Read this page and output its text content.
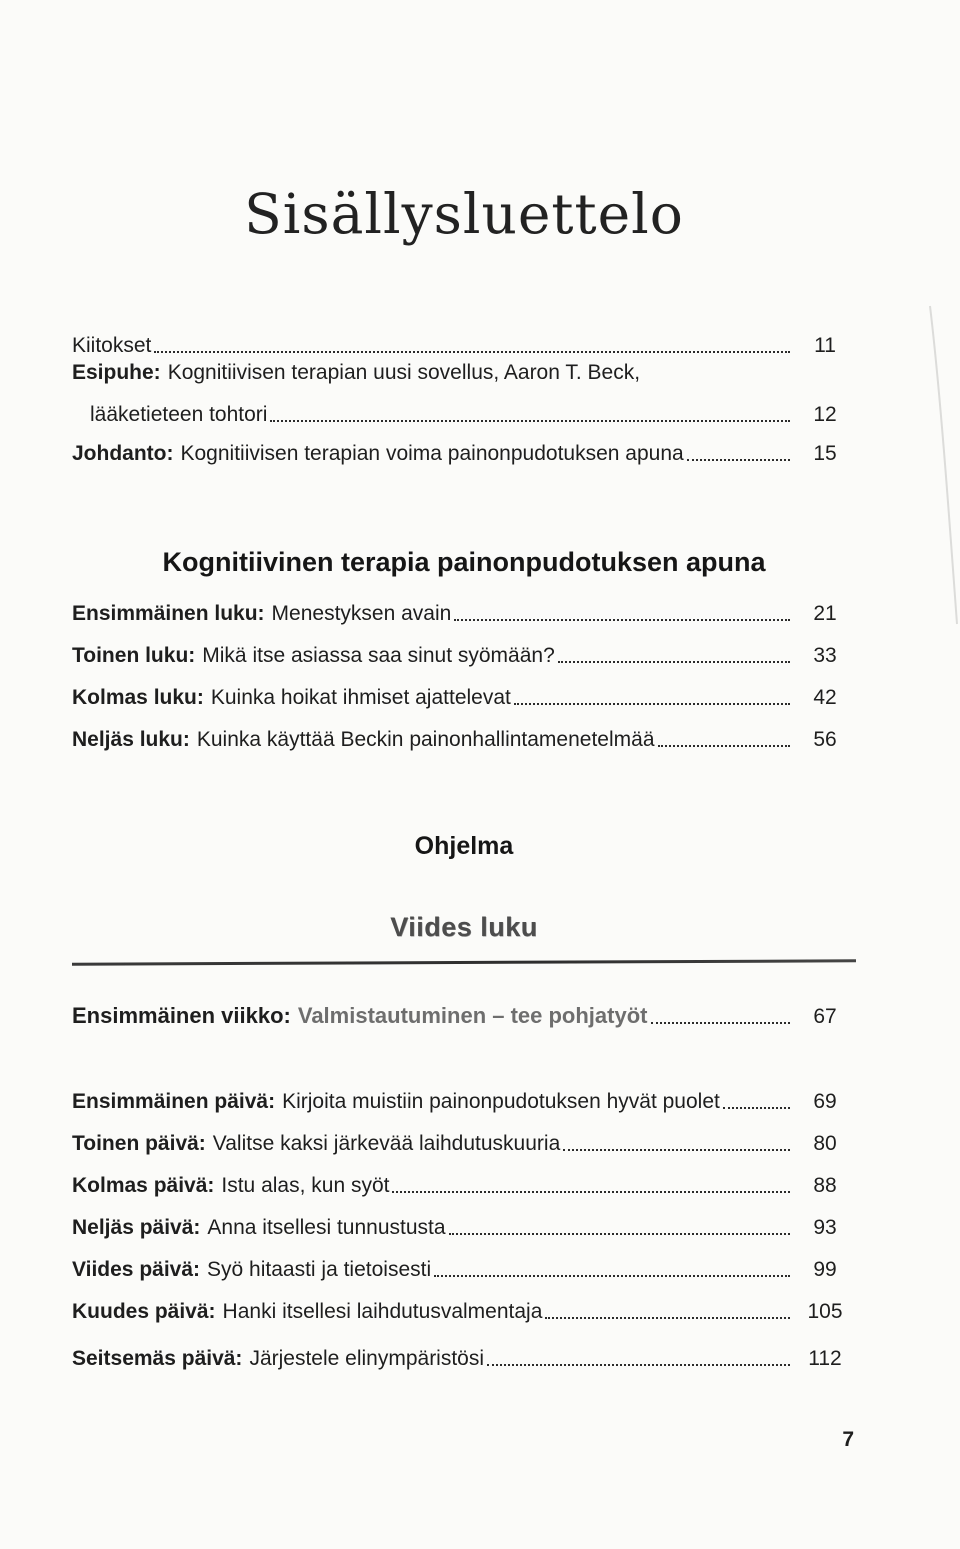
Sisällysluettelo
Kiitokset	11
Esipuhe: Kognitiivisen terapian uusi sovellus, Aaron T. Beck,
lääketieteen tohtori	12
Johdanto: Kognitiivisen terapian voima painonpudotuksen apuna	15
Kognitiivinen terapia painonpudotuksen apuna
Ensimmäinen luku: Menestyksen avain	21
Toinen luku: Mikä itse asiassa saa sinut syömään?	33
Kolmas luku: Kuinka hoikat ihmiset ajattelevat	42
Neljäs luku: Kuinka käyttää Beckin painonhallintamenetelmää	56
Ohjelma
Viides luku
Ensimmäinen viikko: Valmistautuminen – tee pohjatyöt	67
Ensimmäinen päivä: Kirjoita muistiin painonpudotuksen hyvät puolet	69
Toinen päivä: Valitse kaksi järkevää laihdutuskuuria	80
Kolmas päivä: Istu alas, kun syöt	88
Neljäs päivä: Anna itsellesi tunnustusta	93
Viides päivä: Syö hitaasti ja tietoisesti	99
Kuudes päivä: Hanki itsellesi laihdutusvalmentaja	105
Seitsemäs päivä: Järjestele elinympäristösi	112
7
